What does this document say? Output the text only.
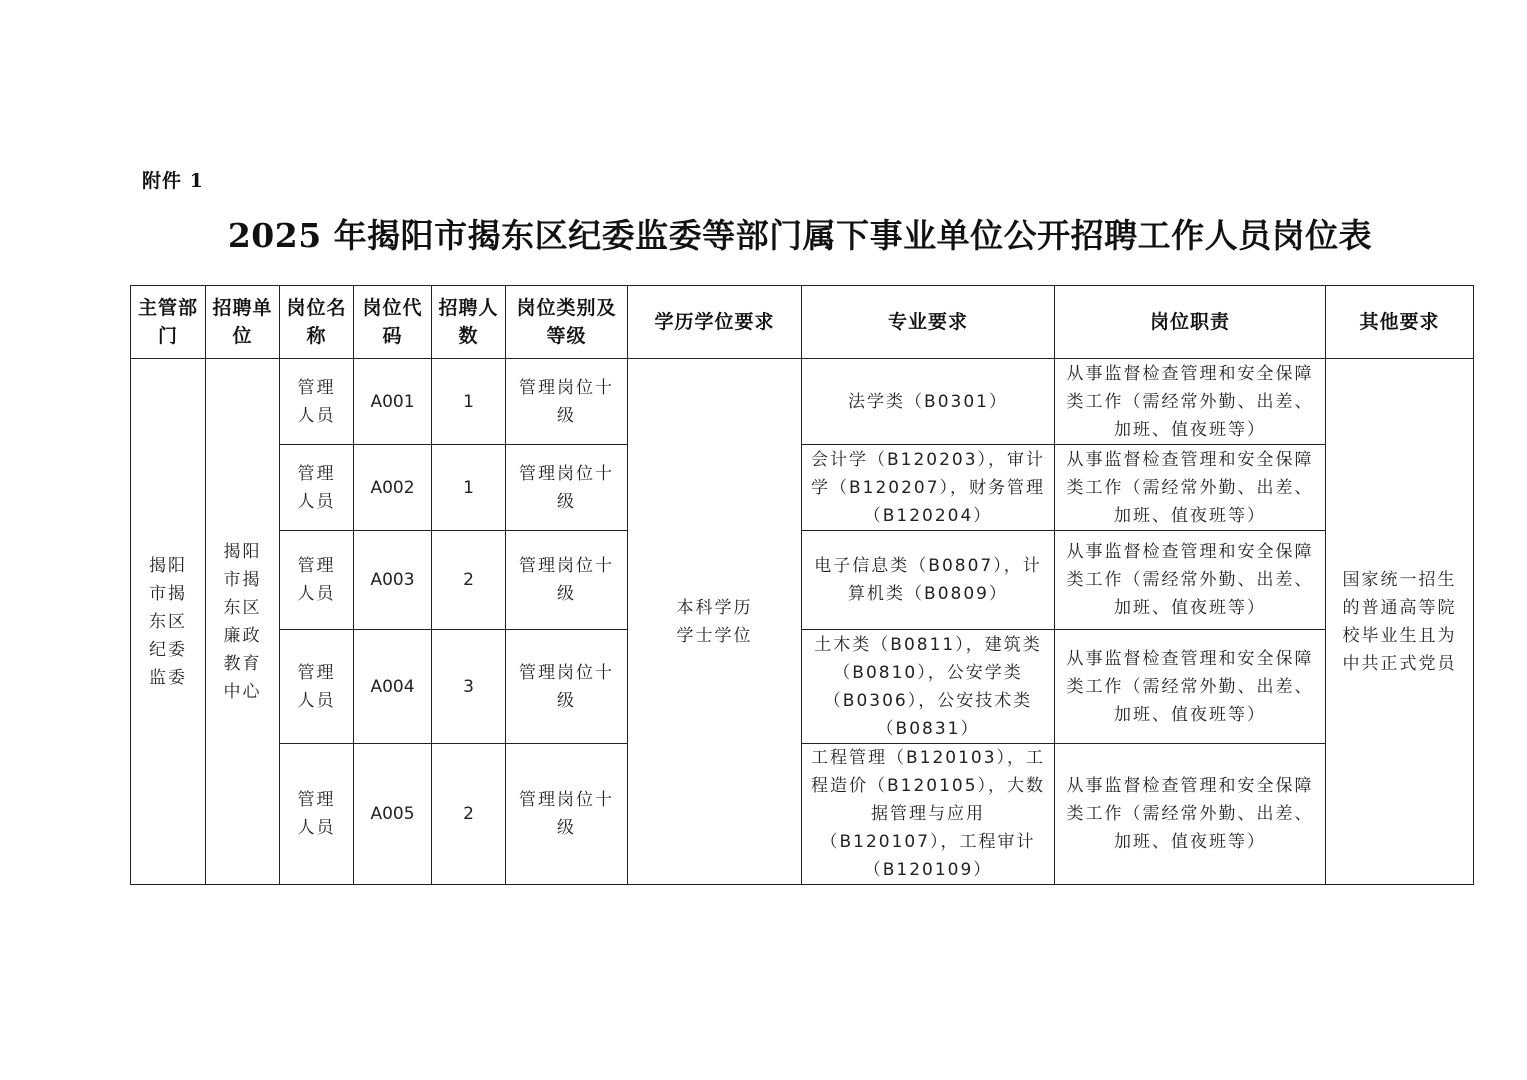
附件 1
2025 年揭阳市揭东区纪委监委等部门属下事业单位公开招聘工作人员岗位表
主管部门	招聘单位	岗位名称	岗位代码	招聘人数	岗位类别及等级	学历学位要求	专业要求	岗位职责	其他要求
揭阳市揭东区纪委监委	揭阳市揭东区廉政教育中心	管理人员	A001	1	管理岗位十级	本科学历学士学位	法学类（B0301）	从事监督检查管理和安全保障类工作（需经常外勤、出差、加班、值夜班等）	国家统一招生的普通高等院校毕业生且为中共正式党员
		管理人员	A002	1	管理岗位十级		会计学（B120203），审计学（B120207），财务管理（B120204）	从事监督检查管理和安全保障类工作（需经常外勤、出差、加班、值夜班等）	
		管理人员	A003	2	管理岗位十级		电子信息类（B0807），计算机类（B0809）	从事监督检查管理和安全保障类工作（需经常外勤、出差、加班、值夜班等）	
		管理人员	A004	3	管理岗位十级		土木类（B0811），建筑类（B0810），公安学类（B0306），公安技术类（B0831）	从事监督检查管理和安全保障类工作（需经常外勤、出差、加班、值夜班等）	
		管理人员	A005	2	管理岗位十级		工程管理（B120103），工程造价（B120105），大数据管理与应用（B120107），工程审计（B120109）	从事监督检查管理和安全保障类工作（需经常外勤、出差、加班、值夜班等）	
